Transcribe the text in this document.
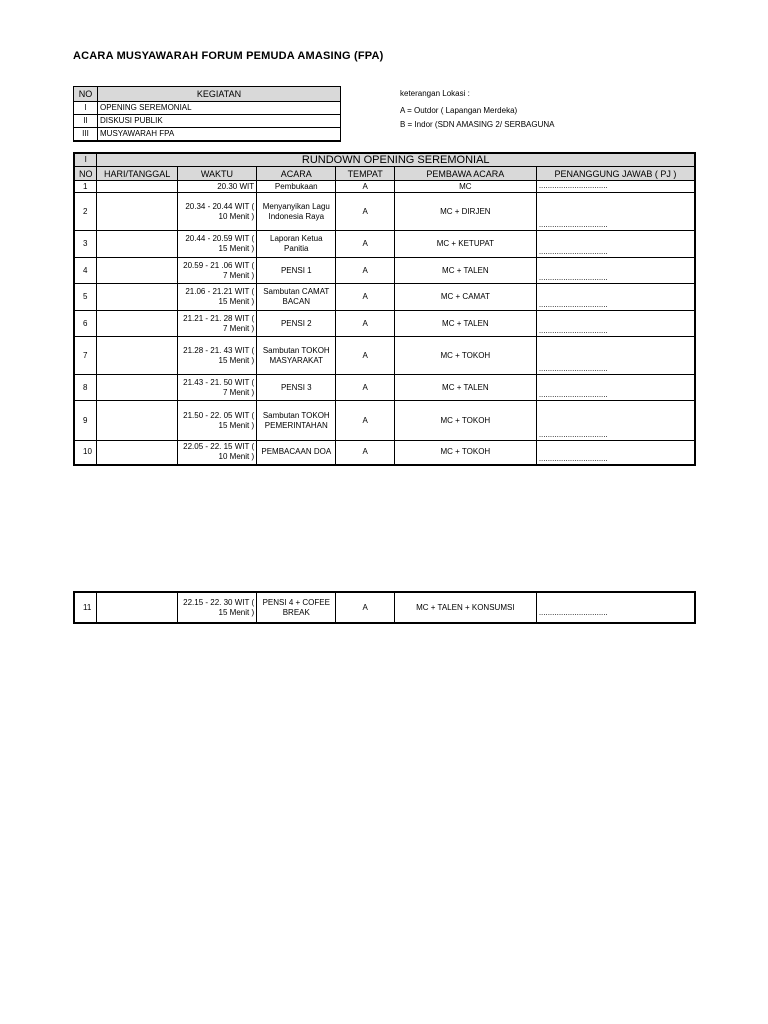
ACARA MUSYAWARAH FORUM PEMUDA AMASING (FPA)
NO	KEGIATAN
I	OPENING SEREMONIAL
II	DISKUSI PUBLIK
III	MUSYAWARAH FPA
keterangan Lokasi :
A = Outdor ( Lapangan Merdeka)
B = Indor (SDN AMASING 2/ SERBAGUNA
I	RUNDOWN OPENING SEREMONIAL					
NO	HARI/TANGGAL	WAKTU	ACARA	TEMPAT	PEMBAWA ACARA	PENANGGUNG JAWAB ( PJ )
1		20.30 WIT	Pembukaan	A	MC	...............................
2		20.34 - 20.44 WIT ( 10 Menit )	Menyanyikan Lagu Indonesia Raya	A	MC + DIRJEN	...............................
3		20.44 - 20.59 WIT ( 15 Menit )	Laporan Ketua Panitia	A	MC + KETUPAT	...............................
4		20.59 - 21 .06 WIT ( 7 Menit )	PENSI 1	A	MC + TALEN	...............................
5		21.06 - 21.21 WIT ( 15 Menit )	Sambutan CAMAT BACAN	A	MC + CAMAT	...............................
6		21.21 - 21. 28 WIT ( 7 Menit )	PENSI 2	A	MC + TALEN	...............................
7		21.28 - 21. 43 WIT ( 15 Menit )	Sambutan TOKOH MASYARAKAT	A	MC + TOKOH	...............................
8		21.43 - 21. 50 WIT ( 7 Menit )	PENSI 3	A	MC + TALEN	...............................
9		21.50 - 22. 05 WIT ( 15 Menit )	Sambutan TOKOH PEMERINTAHAN	A	MC + TOKOH	...............................
10		22.05 - 22. 15 WIT ( 10 Menit )	PEMBACAAN DOA	A	MC + TOKOH	...............................
11		22.15 - 22. 30 WIT ( 15 Menit )	PENSI 4 + COFEE BREAK	A	MC + TALEN + KONSUMSI	...............................
